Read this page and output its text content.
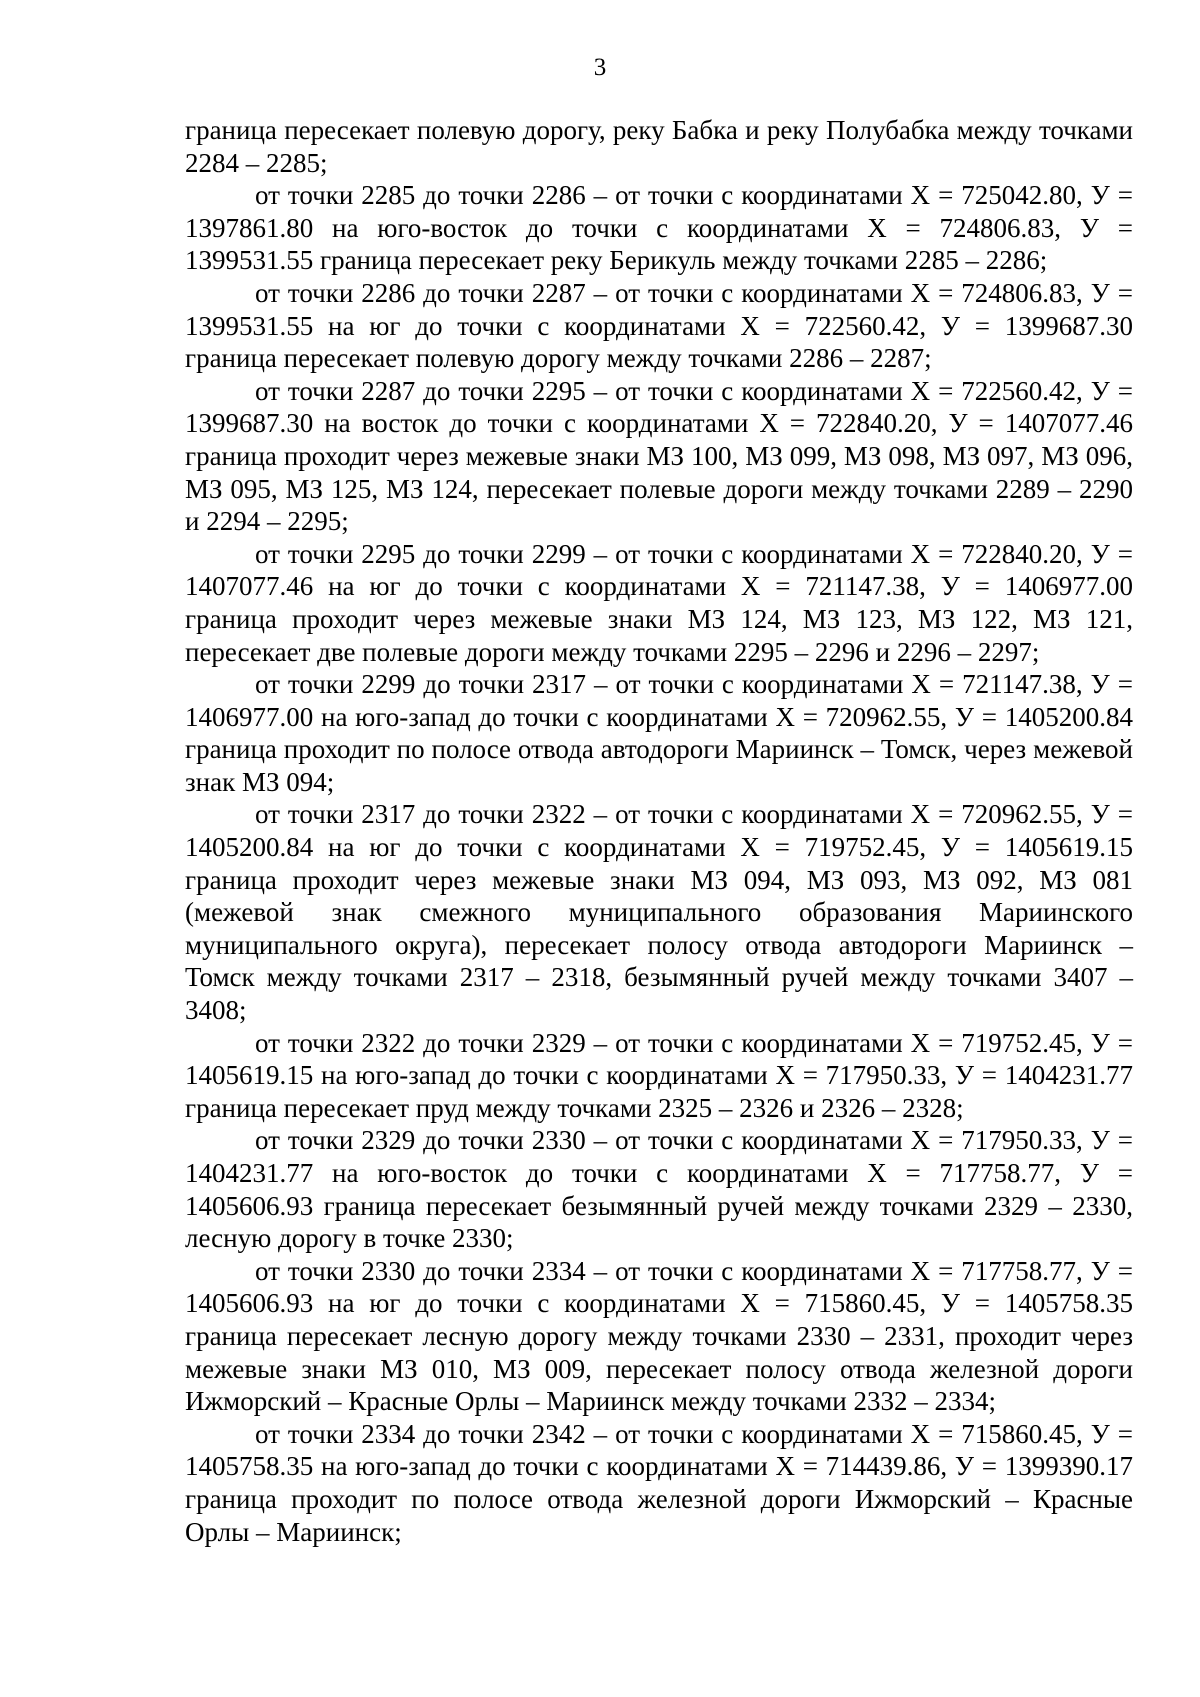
3

граница пересекает полевую дорогу, реку Бабка и реку Полубабка между точками 2284 – 2285;

от точки 2285 до точки 2286 – от точки с координатами Х = 725042.80, У = 1397861.80 на юго-восток до точки с координатами Х = 724806.83, У = 1399531.55 граница пересекает реку Берикуль между точками 2285 – 2286;

от точки 2286 до точки 2287 – от точки с координатами Х = 724806.83, У = 1399531.55 на юг до точки с координатами Х = 722560.42, У = 1399687.30 граница пересекает полевую дорогу между точками 2286 – 2287;

от точки 2287 до точки 2295 – от точки с координатами Х = 722560.42, У = 1399687.30 на восток до точки с координатами Х = 722840.20, У = 1407077.46 граница проходит через межевые знаки МЗ 100, МЗ 099, МЗ 098, МЗ 097, МЗ 096, МЗ 095, МЗ 125, МЗ 124, пересекает полевые дороги между точками 2289 – 2290 и 2294 – 2295;

от точки 2295 до точки 2299 – от точки с координатами Х = 722840.20, У = 1407077.46 на юг до точки с координатами Х = 721147.38, У = 1406977.00 граница проходит через межевые знаки МЗ 124, МЗ 123, МЗ 122, МЗ 121, пересекает две полевые дороги между точками 2295 – 2296 и 2296 – 2297;

от точки 2299 до точки 2317 – от точки с координатами Х = 721147.38, У = 1406977.00 на юго-запад до точки с координатами Х = 720962.55, У = 1405200.84 граница проходит по полосе отвода автодороги Мариинск – Томск, через межевой знак МЗ 094;

от точки 2317 до точки 2322 – от точки с координатами Х = 720962.55, У = 1405200.84 на юг до точки с координатами Х = 719752.45, У = 1405619.15 граница проходит через межевые знаки МЗ 094, МЗ 093, МЗ 092, МЗ 081 (межевой знак смежного муниципального образования Мариинского муниципального округа), пересекает полосу отвода автодороги Мариинск – Томск между точками 2317 – 2318, безымянный ручей между точками 3407 – 3408;

от точки 2322 до точки 2329 – от точки с координатами Х = 719752.45, У = 1405619.15 на юго-запад до точки с координатами Х = 717950.33, У = 1404231.77 граница пересекает пруд между точками 2325 – 2326 и 2326 – 2328;

от точки 2329 до точки 2330 – от точки с координатами Х = 717950.33, У = 1404231.77 на юго-восток до точки с координатами Х = 717758.77, У = 1405606.93 граница пересекает безымянный ручей между точками 2329 – 2330, лесную дорогу в точке 2330;

от точки 2330 до точки 2334 – от точки с координатами Х = 717758.77, У = 1405606.93 на юг до точки с координатами Х = 715860.45, У = 1405758.35 граница пересекает лесную дорогу между точками 2330 – 2331, проходит через межевые знаки МЗ 010, МЗ 009, пересекает полосу отвода железной дороги Ижморский – Красные Орлы – Мариинск между точками 2332 – 2334;

от точки 2334 до точки 2342 – от точки с координатами Х = 715860.45, У = 1405758.35 на юго-запад до точки с координатами Х = 714439.86, У = 1399390.17 граница проходит по полосе отвода железной дороги Ижморский – Красные Орлы – Мариинск;
